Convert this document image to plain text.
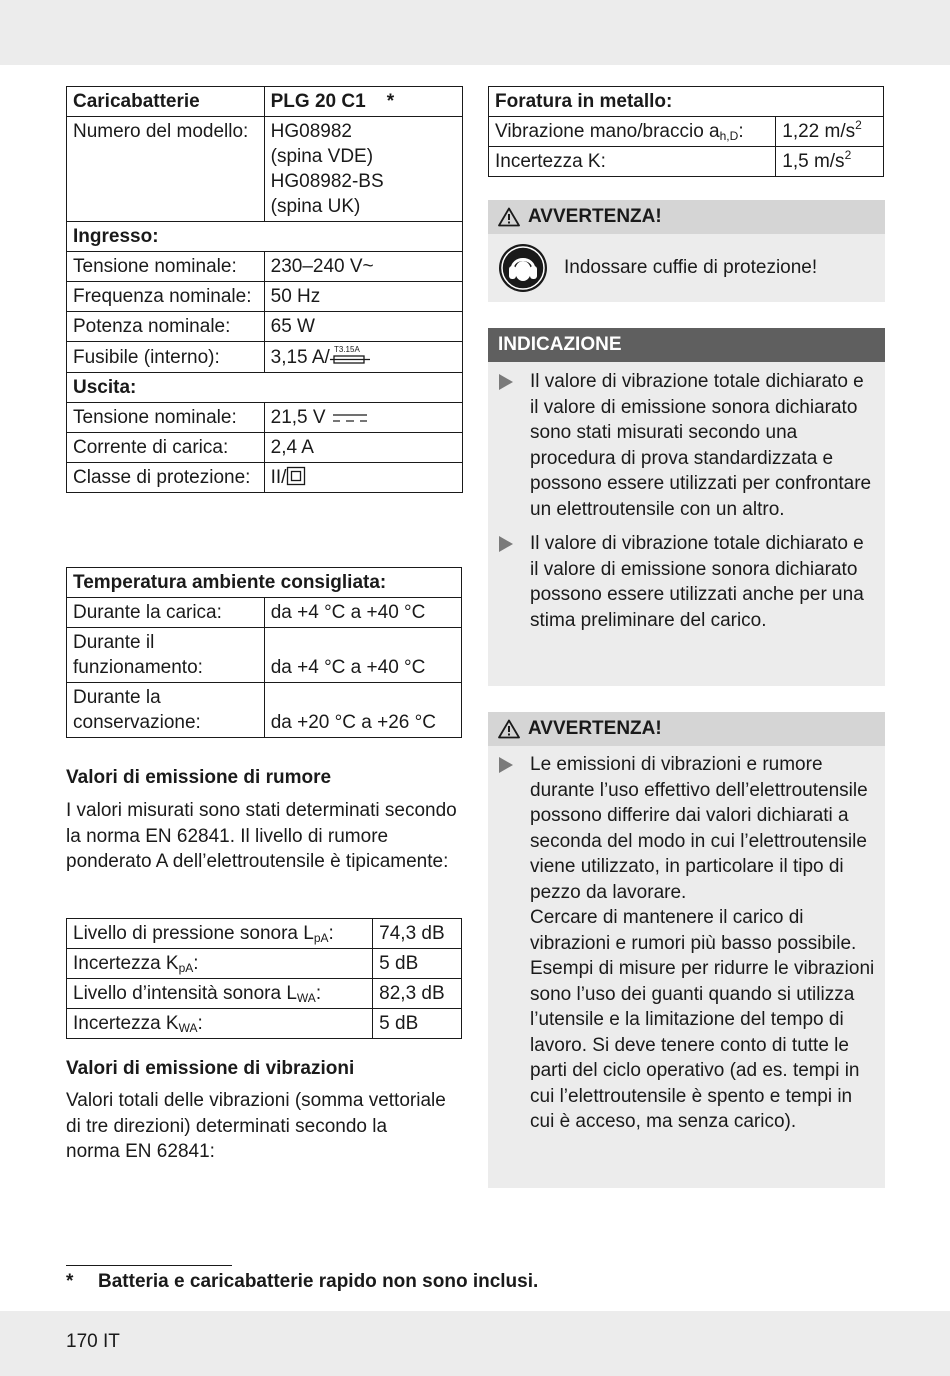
Caricabatterie	PLG 20 C1 *
Numero del modello:	HG08982
(spina VDE)
HG08982-BS
(spina UK)

Ingresso:	
Tensione nominale:	230–240 V~
Frequenza nominale:	50 Hz
Potenza nominale:	65 W
Fusibile (interno):	3,15 A/ T3.15A

Uscita:	
Tensione nominale:	21,5 V
Corrente di carica:	2,4 A
Classe di protezione:	II/
Temperatura ambiente consigliata:	
Durante la carica:	da +4 °C a +40 °C
Durante il funzionamento:	da +4 °C a +40 °C
Durante la conservazione:	da +20 °C a +26 °C
Valori di emissione di rumore
I valori misurati sono stati determinati secondo la norma EN 62841. Il livello di rumore ponderato A dell’elettroutensile è tipicamente:
Livello di pressione sonora $L_{pA}$:	74,3 dB
Incertezza $K_{pA}$:	5 dB
Livello d’intensità sonora $L_{WA}$:	82,3 dB
Incertezza $K_{WA}$:	5 dB
Valori di emissione di vibrazioni
Valori totali delle vibrazioni (somma vettoriale di tre direzioni) determinati secondo la norma EN 62841:
Foratura in metallo:	
Vibrazione mano/braccio $a_{h,D}$:	1,22 $m/s^2$
Incertezza K:	1,5 $m/s^2$
AVVERTENZA!
Indossare cuffie di protezione!
INDICAZIONE
Il valore di vibrazione totale dichiarato e il valore di emissione sonora dichiarato sono stati misurati secondo una procedura di prova standardizzata e possono essere utilizzati per confrontare un elettroutensile con un altro.
Il valore di vibrazione totale dichiarato e il valore di emissione sonora dichiarato possono essere utilizzati anche per una stima preliminare del carico.
AVVERTENZA!
Le emissioni di vibrazioni e rumore durante l’uso effettivo dell’elettroutensile possono differire dai valori dichiarati a seconda del modo in cui l’elettroutensile viene utilizzato, in particolare il tipo di pezzo da lavorare.
Cercare di mantenere il carico di vibrazioni e rumori più basso possibile. Esempi di misure per ridurre le vibrazioni sono l’uso dei guanti quando si utilizza l’utensile e la limitazione del tempo di lavoro. Si deve tenere conto di tutte le parti del ciclo operativo (ad es. tempi in cui l’elettroutensile è spento e tempi in cui è acceso, ma senza carico).
* Batteria e caricabatterie rapido non sono inclusi.
170 IT
